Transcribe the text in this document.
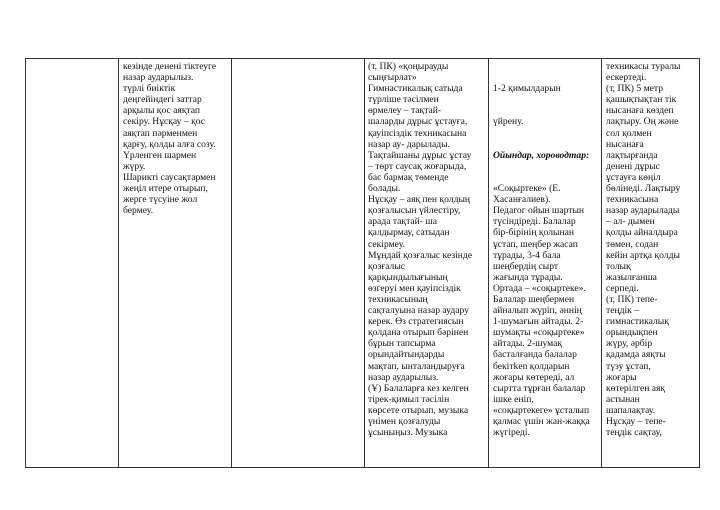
кезінде денені тіктеуге
назар аударылыз.
түрлі биіктік
деңгейіндегі заттар
арқылы қос аяқтап
секіру. Нұсқау – қос
аяқтап пәрменмен
қарғу, қолды алға созу.
Үрленген шармен
жүру.
Шарикті саусақтармен
жеңіл итере отырып,
жерге түсуіне жол
бермеу.
(т, ПК) «қоңырауды
сыңғырлат»
Гимнастикалық сатыда
түрліше тәсілмен
өрмелеу – тақтай-
шаларды дұрыс ұстауға,
қауіпсіздік техникасына
назар ау- дарылады.
Тақтайшаны дұрыс ұстау
– төрт саусақ жоғарыда,
бас бармақ төменде
болады.
Нұсқау – аяқ пен қолдың
қозғалысын үйлестіру,
арада тақтай- ша
қалдырмау, сатыдан
секірмеу.
Мұндай қозғалыс кезінде
қозғалыс
қарқындылығының
өзгеруі мен қауіпсіздік
техникасының
сақталуына назар аудару
керек. Өз стратегиясын
қолдана отырып бәрінен
бұрын тапсырма
орындайтындарды
мақтап, ынталандыруға
назар аударылыз.
(Ұ) Балаларға кез келген
тірек-қимыл тәсілін
көрсете отырып, музыка
үнімен қозғалуды
ұсыныңыз. Музыка

1-2 қимылдарын

үйрену.

Ойындар, хороводтар:

«Соқыртеке» (Е.
Хасанғалиев).
Педагог ойын шартын
түсіндіреді. Балалар
бір-бірінің қолынан
ұстап, шеңбер жасап
тұрады, 3-4 бала
шеңбердің сырт
жағында тұрады.
Ортада – «соқыртеке».
Балалар шеңбермен
айналып жүріп, әннің
1-шумағын айтады. 2-
шумақты «соқыртеке»
айтады. 2-шумақ
басталғанда балалар
бекітken қолдарын
жоғары көтереді, ал
сыртта тұрған балалар
ішке еніп,
«соқыртекеге» ұсталып
қалмас үшін жан-жаққа
жүгіреді.

техникасы туралы
ескертеді.
(т, ПК) 5 метр
қашықтықтан тік
нысанаға көздеп
лақтыру. Оң және
сол қолмен
нысанаға
лақтырғанда
денені дұрыс
ұстауға көңіл
бөлінеді. Лақтыру
техникасына
назар аударылады
– ал- дымен
қолды айналдыра
төмен, содан
кейін артқа қолды
толық
жазылғанша
серпеді.
(т, ПК) тепе-
теңдік –
гимнастикалық
орындықпен
жүру, әрбір
қадамда аяқты
түзу ұстап,
жоғары
көтерілген аяқ
астынан
шапалақтау.
Нұсқау – тепе-
теңдік сақтау,
